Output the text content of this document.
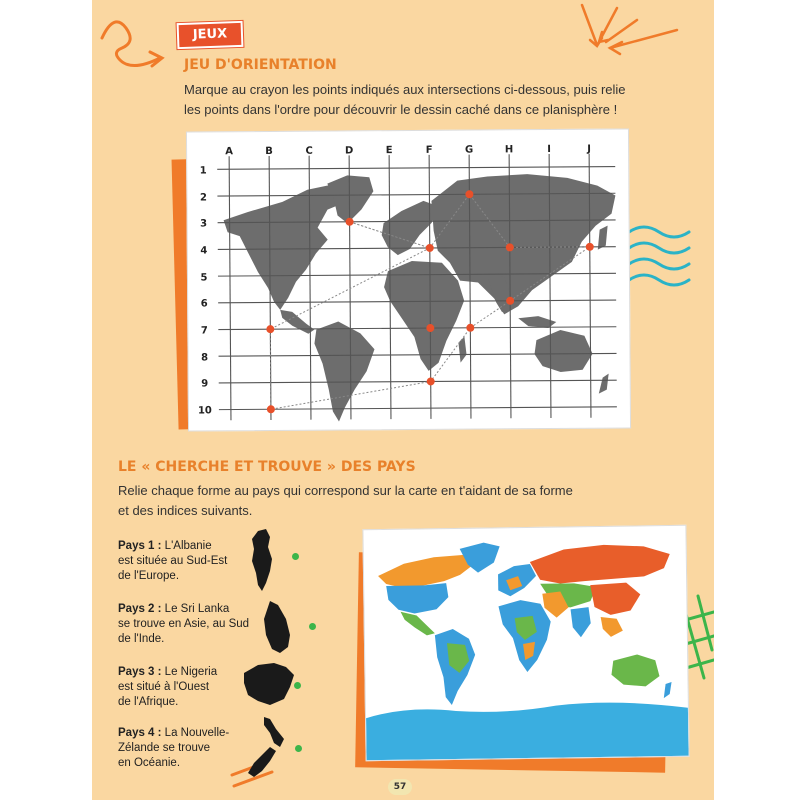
JEUX
JEU D'ORIENTATION
Marque au crayon les points indiqués aux intersections ci-dessous, puis relie
les points dans l'ordre pour découvrir le dessin caché dans ce planisphère !
A	B	C	D	E	F	G	H	I	J
1
2
3
4
5
6
7
8
9
10
LE « CHERCHE ET TROUVE » DES PAYS
Relie chaque forme au pays qui correspond sur la carte en t'aidant de sa forme
et des indices suivants.
Pays 1 : L'Albanie
est située au Sud-Est
de l'Europe.
Pays 2 : Le Sri Lanka
se trouve en Asie, au Sud
de l'Inde.
Pays 3 : Le Nigeria
est situé à l'Ouest
de l'Afrique.
Pays 4 : La Nouvelle-
Zélande se trouve
en Océanie.
57
